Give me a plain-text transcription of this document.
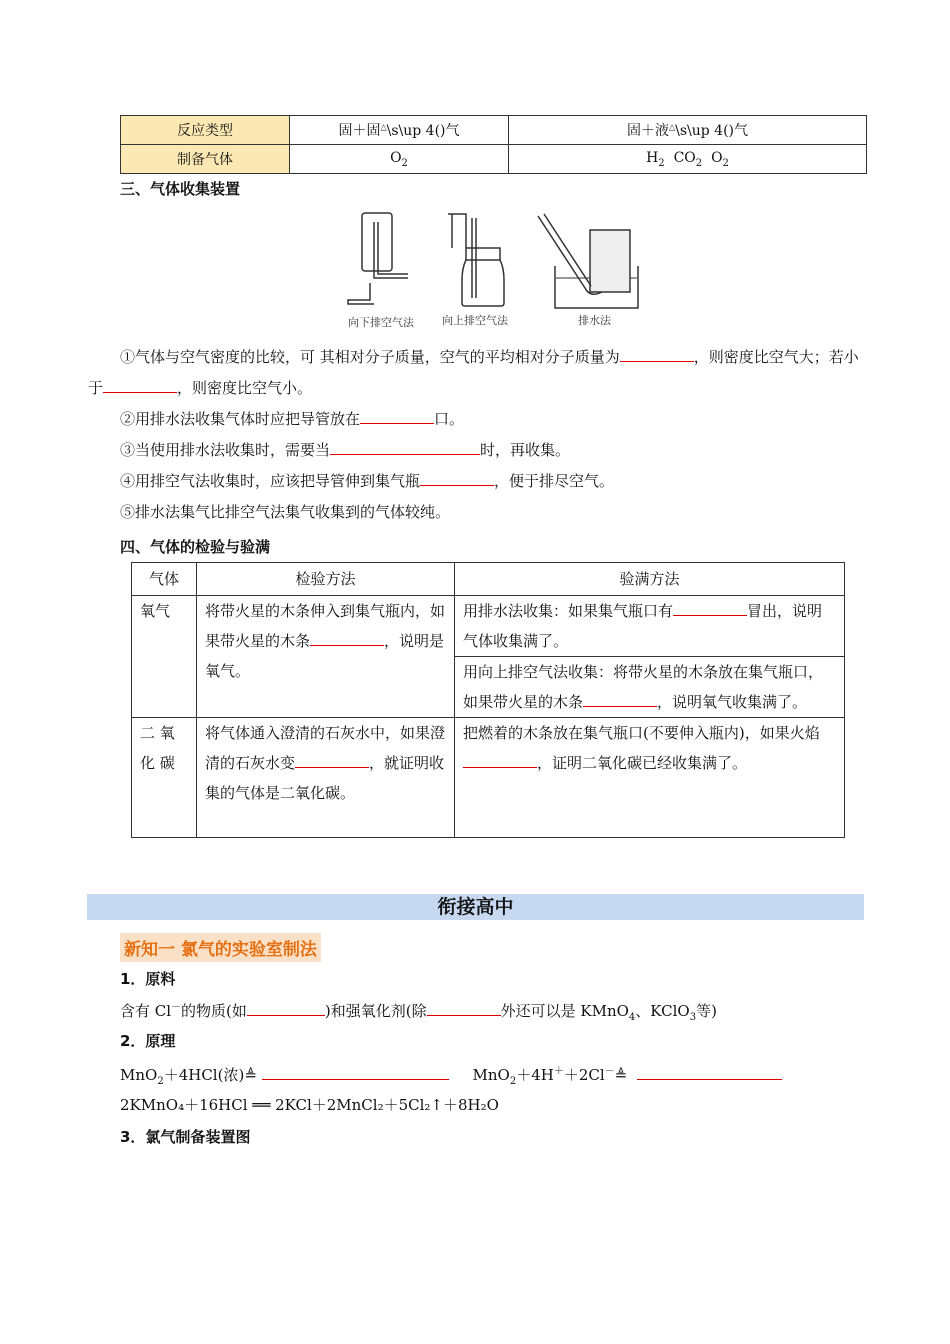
反应类型	固＋固△\s\up 4()气	固＋液△\s\up 4()气
制备气体	$O_2$	$H_2$ $CO_2$ $O_2$
三、气体收集装置
向下排空气法	向上排空气法	排水法

①气体与空气密度的比较，可 其相对分子质量，空气的平均相对分子质量为	，则密度比空气大；若小于	，则密度比空气小。

②用排水法收集气体时应把导管放在	口。

③当使用排水法收集时，需要当	时，再收集。

④用排空气法收集时，应该把导管伸到集气瓶	，便于排尽空气。

⑤排水法集气比排空气法集气收集到的气体较纯。

四、气体的检验与验满
气体	检验方法	验满方法
氧气	将带火星的木条伸入到集气瓶内，如果带火星的木条 ，说明是氧气。	用排水法收集：如果集气瓶口有 冒出，说明气体收集满了。
		用向上排空气法收集：将带火星的木条放在集气瓶口，如果带火星的木条 ，说明氧气收集满了。
二 氧 化 碳	将气体通入澄清的石灰水中，如果澄清的石灰水变 ，就证明收集的气体是二氧化碳。	把燃着的木条放在集气瓶口(不要伸入瓶内)，如果火焰，证明二氧化碳已经收集满了。
衔接高中
新知一 氯气的实验室制法
1．原料
含有 Cl－的物质(如	)和强氧化剂(除	外还可以是 KMnO$_4$、KClO$_3$等)
2．原理
MnO$_2$＋4HCl(浓)≜	MnO$_2$＋4H＋＋2Cl－≜
2KMnO₄＋16HCl ══ 2KCl＋2MnCl₂＋5Cl₂↑＋8H₂O
3．氯气制备装置图
